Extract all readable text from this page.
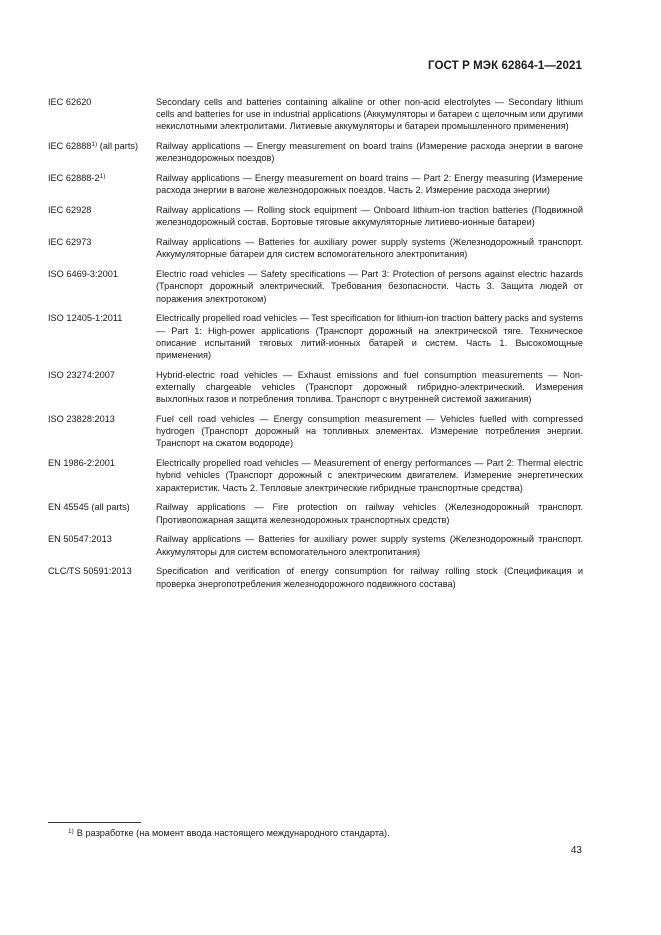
ГОСТ Р МЭК 62864-1—2021
IEC 62620	Secondary cells and batteries containing alkaline or other non-acid electrolytes — Secondary lithium cells and batteries for use in industrial applications (Аккумуляторы и батареи с щелочным или другими некислотными электролитами. Литиевые аккумуляторы и батареи промышленного применения)
IEC 62888$^{1)}$ (all parts)	Railway applications — Energy measurement on board trains (Измерение расхода энергии в вагоне железнодорожных поездов)
IEC 62888-2$^{1)}$	Railway applications — Energy measurement on board trains — Part 2: Energy measuring (Измерение расхода энергии в вагоне железнодорожных поездов. Часть 2. Измерение расхода энергии)
IEC 62928	Railway applications — Rolling stock equipment — Onboard lithium-ion traction batteries (Подвижной железнодорожный состав. Бортовые тяговые аккумуляторные литиево-ионные батареи)
IEC 62973	Railway applications — Batteries for auxiliary power supply systems (Железнодорожный транспорт. Аккумуляторные батареи для систем вспомогательного электропитания)
ISO 6469-3:2001	Electric road vehicles — Safety specifications — Part 3: Protection of persons against electric hazards (Транспорт дорожный электрический. Требования безопасности. Часть 3. Защита людей от поражения электротоком)
ISO 12405-1:2011	Electrically propelled road vehicles — Test specification for lithium-ion traction battery packs and systems — Part 1: High-power applications (Транспорт дорожный на электрической тяге. Техническое описание испытаний тяговых литий-ионных батарей и систем. Часть 1. Высокомощные применения)
ISO 23274:2007	Hybrid-electric road vehicles — Exhaust emissions and fuel consumption measurements — Non-externally chargeable vehicles (Транспорт дорожный гибридно-электрический. Измерения выхлопных газов и потребления топлива. Транспорт с внутренней системой зажигания)
ISO 23828:2013	Fuel cell road vehicles — Energy consumption measurement — Vehicles fuelled with compressed hydrogen (Транспорт дорожный на топливных элементах. Измерение потребления энергии. Транспорт на сжатом водороде)
EN 1986-2:2001	Electrically propelled road vehicles — Measurement of energy performances — Part 2: Thermal electric hybrid vehicles (Транспорт дорожный с электрическим двигателем. Измерение энергетических характеристик. Часть 2. Тепловые электрические гибридные транспортные средства)
EN 45545 (all parts)	Railway applications — Fire protection on railway vehicles (Железнодорожный транспорт. Противопожарная защита железнодорожных транспортных средств)
EN 50547:2013	Railway applications — Batteries for auxiliary power supply systems (Железнодорожный транспорт. Аккумуляторы для систем вспомогательного электропитания)
CLC/TS 50591:2013	Specification and verification of energy consumption for railway rolling stock (Спецификация и проверка энергопотребления железнодорожного подвижного состава)
$^{1)}$ В разработке (на момент ввода настоящего международного стандарта).
43
